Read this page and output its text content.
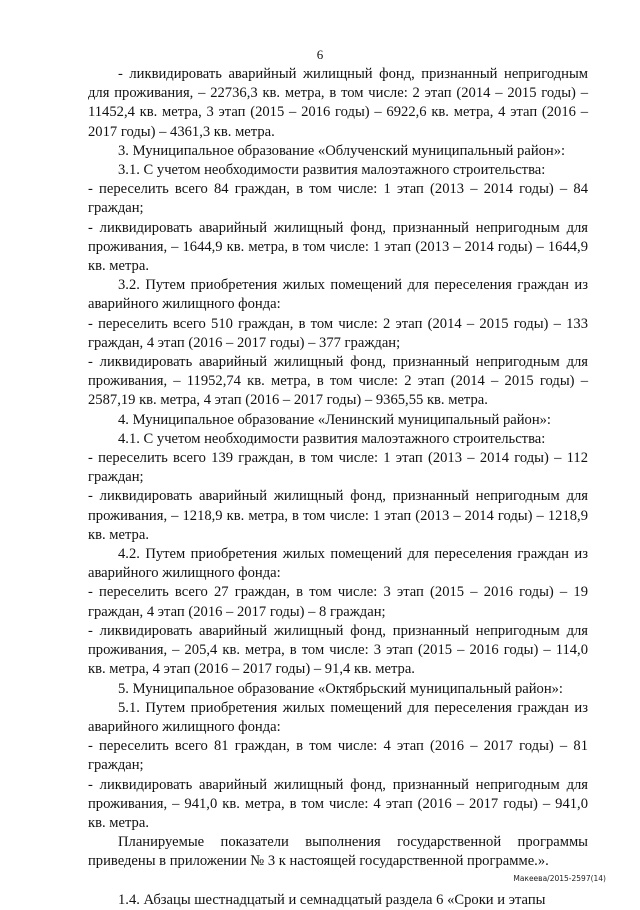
6

- ликвидировать аварийный жилищный фонд, признанный непригодным для проживания, – 22736,3 кв. метра, в том числе: 2 этап (2014 – 2015 годы) – 11452,4 кв. метра, 3 этап (2015 – 2016 годы) – 6922,6 кв. метра, 4 этап (2016 – 2017 годы) – 4361,3 кв. метра.

3. Муниципальное образование «Облученский муниципальный район»:

3.1. С учетом необходимости развития малоэтажного строительства:

- переселить всего 84 граждан, в том числе: 1 этап (2013 – 2014 годы) – 84 граждан;

- ликвидировать аварийный жилищный фонд, признанный непригодным для проживания, – 1644,9 кв. метра, в том числе: 1 этап (2013 – 2014 годы) – 1644,9 кв. метра.

3.2. Путем приобретения жилых помещений для переселения граждан из аварийного жилищного фонда:

- переселить всего 510 граждан, в том числе: 2 этап (2014 – 2015 годы) – 133 граждан, 4 этап (2016 – 2017 годы) – 377 граждан;

- ликвидировать аварийный жилищный фонд, признанный непригодным для проживания, – 11952,74 кв. метра, в том числе: 2 этап (2014 – 2015 годы) – 2587,19 кв. метра, 4 этап (2016 – 2017 годы) – 9365,55 кв. метра.

4. Муниципальное образование «Ленинский муниципальный район»:

4.1. С учетом необходимости развития малоэтажного строительства:

- переселить всего 139 граждан, в том числе: 1 этап (2013 – 2014 годы) – 112 граждан;

- ликвидировать аварийный жилищный фонд, признанный непригодным для проживания, – 1218,9 кв. метра, в том числе: 1 этап (2013 – 2014 годы) – 1218,9 кв. метра.

4.2. Путем приобретения жилых помещений для переселения граждан из аварийного жилищного фонда:

- переселить всего 27 граждан, в том числе: 3 этап (2015 – 2016 годы) – 19 граждан, 4 этап (2016 – 2017 годы) – 8 граждан;

- ликвидировать аварийный жилищный фонд, признанный непригодным для проживания, – 205,4 кв. метра, в том числе: 3 этап (2015 – 2016 годы) – 114,0 кв. метра, 4 этап (2016 – 2017 годы) – 91,4 кв. метра.

5. Муниципальное образование «Октябрьский муниципальный район»:

5.1. Путем приобретения жилых помещений для переселения граждан из аварийного жилищного фонда:

- переселить всего 81 граждан, в том числе: 4 этап (2016 – 2017 годы) – 81 граждан;

- ликвидировать аварийный жилищный фонд, признанный непригодным для проживания, – 941,0 кв. метра, в том числе: 4 этап (2016 – 2017 годы) – 941,0 кв. метра.

Планируемые показатели выполнения государственной программы приведены в приложении № 3 к настоящей государственной программе.».

1.4. Абзацы шестнадцатый и семнадцатый раздела 6 «Сроки и этапы

Макеева/2015-2597(14)
